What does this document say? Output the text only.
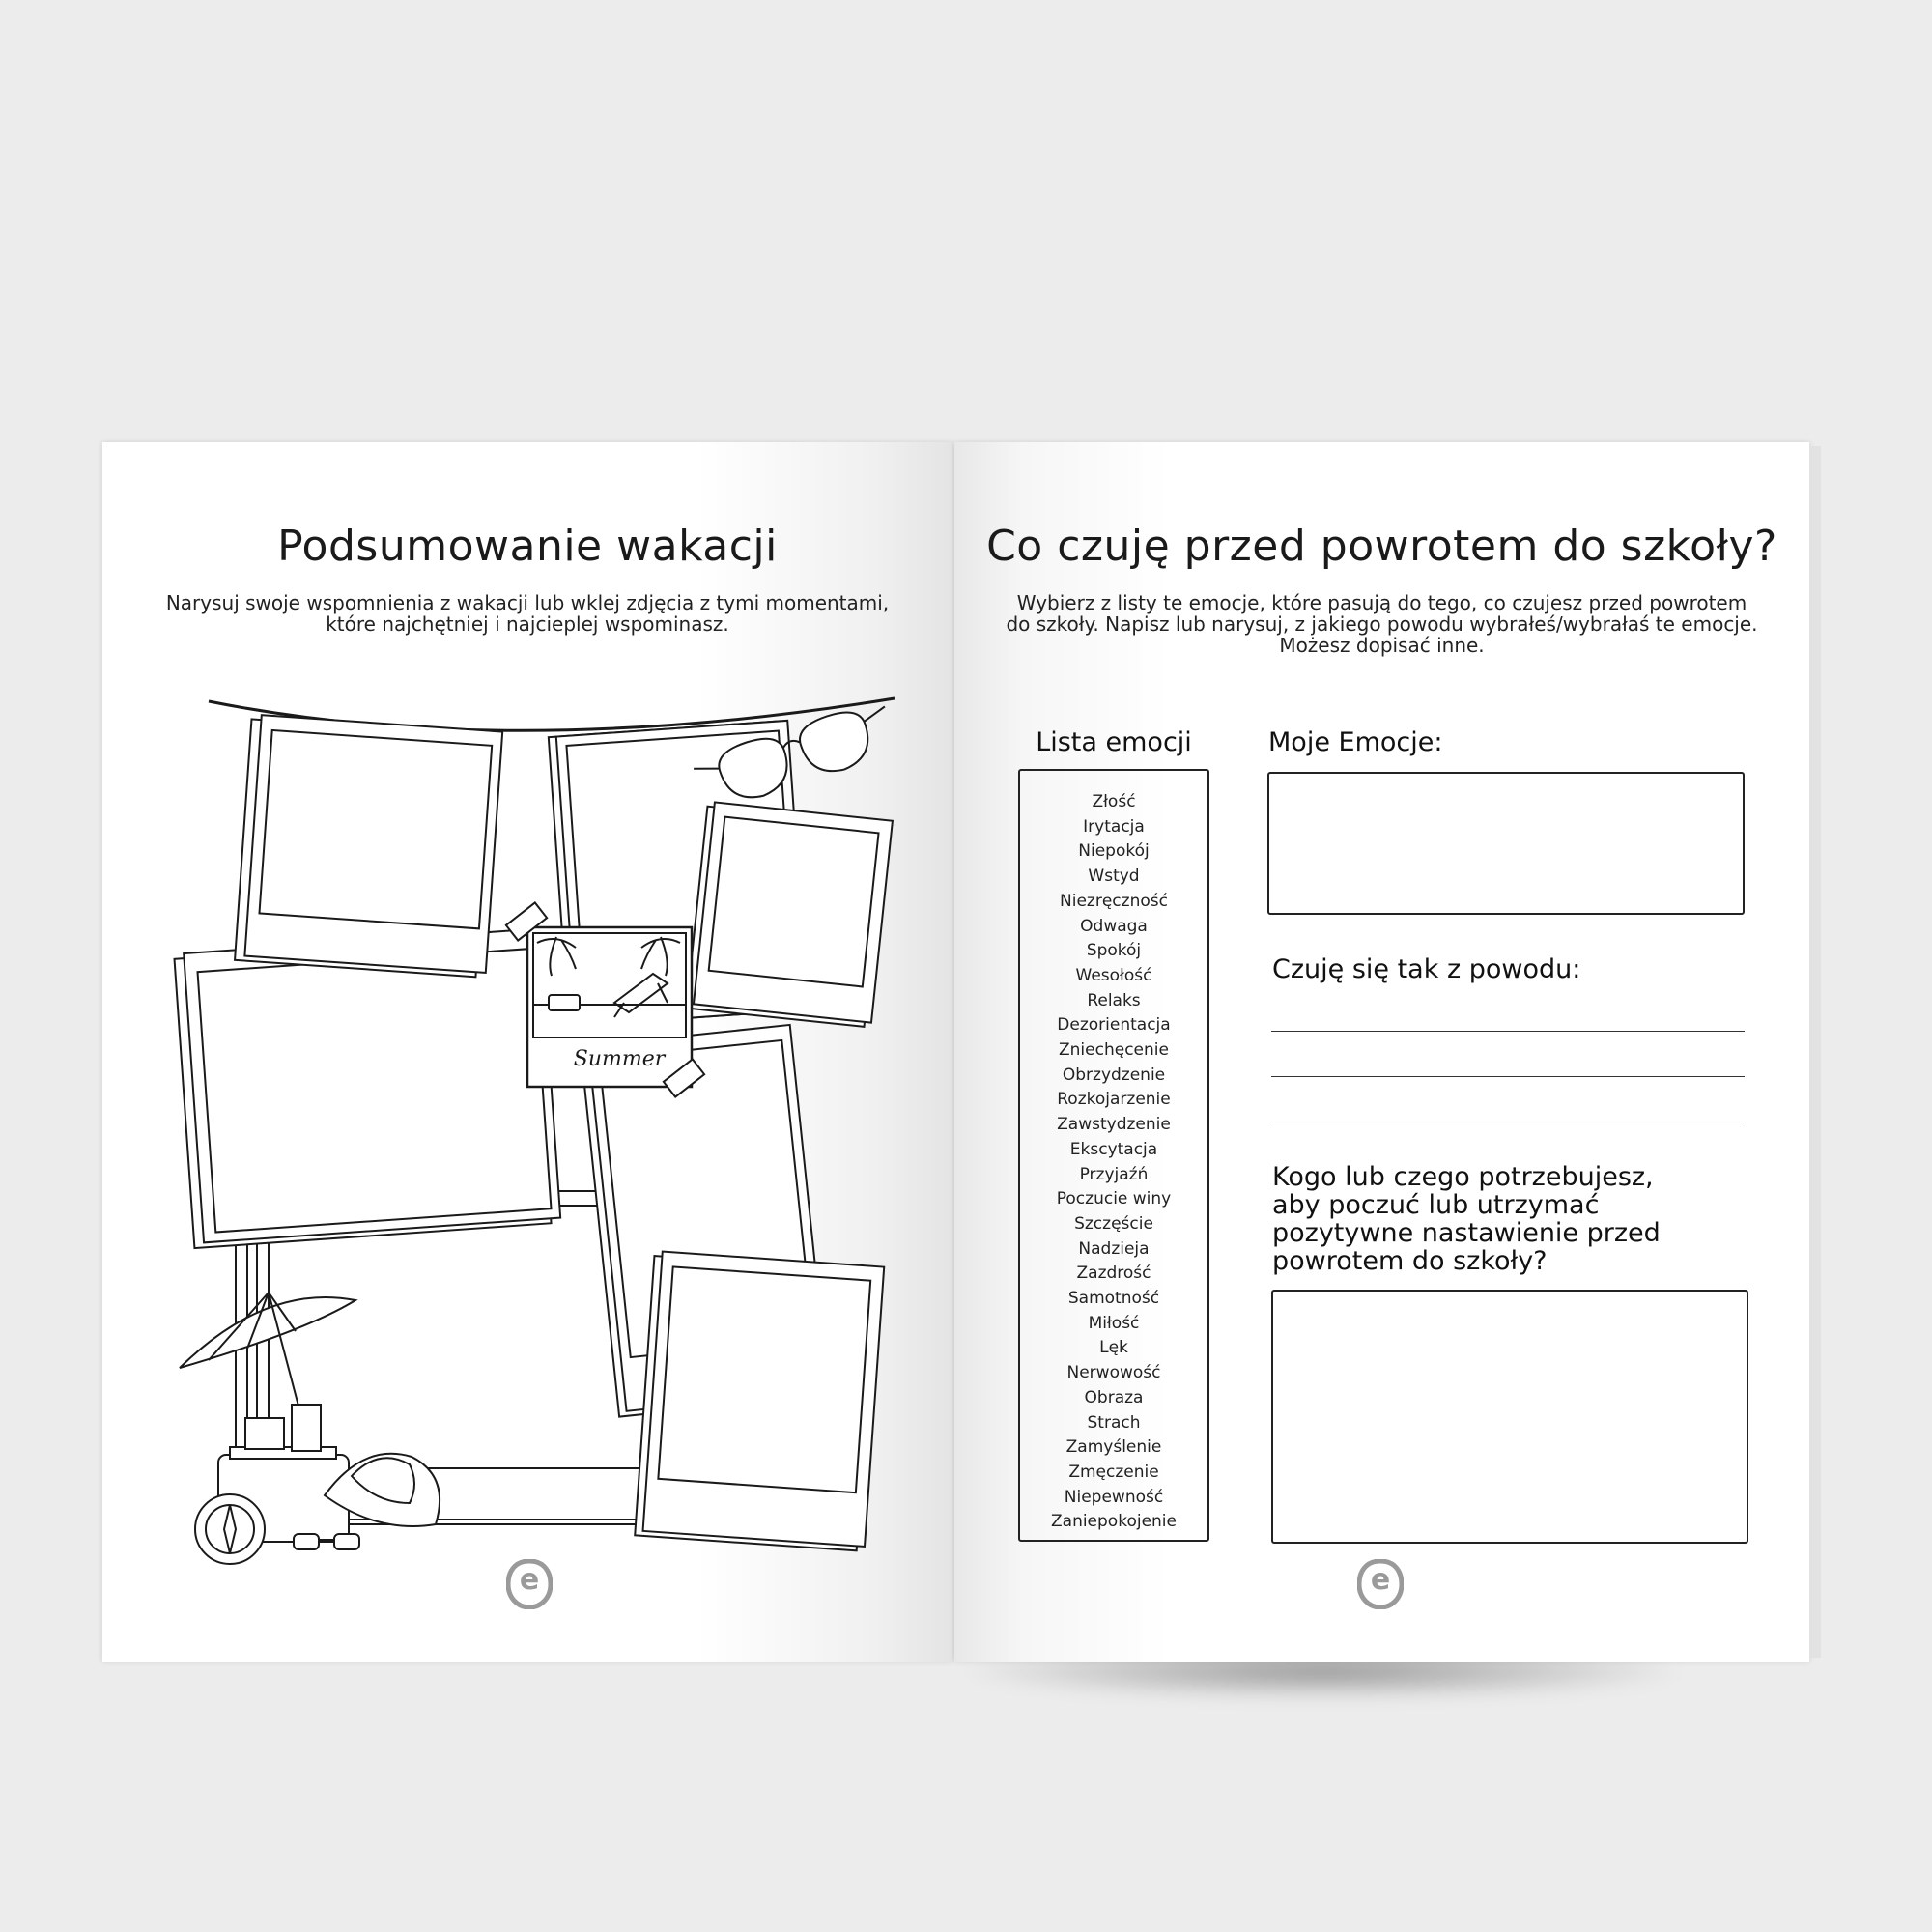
Podsumowanie wakacji
Narysuj swoje wspomnienia z wakacji lub wklej zdjęcia z tymi momentami,
które najchętniej i najcieplej wspominasz.
Summer
e
Co czuję przed powrotem do szkoły?
Wybierz z listy te emocje, które pasują do tego, co czujesz przed powrotem
do szkoły. Napisz lub narysuj, z jakiego powodu wybrałeś/wybrałaś te emocje.
Możesz dopisać inne.
Lista emocji
Złość
Irytacja
Niepokój
Wstyd
Niezręczność
Odwaga
Spokój
Wesołość
Relaks
Dezorientacja
Zniechęcenie
Obrzydzenie
Rozkojarzenie
Zawstydzenie
Ekscytacja
Przyjaźń
Poczucie winy
Szczęście
Nadzieja
Zazdrość
Samotność
Miłość
Lęk
Nerwowość
Obraza
Strach
Zamyślenie
Zmęczenie
Niepewność
Zaniepokojenie
Moje Emocje:
Czuję się tak z powodu:
Kogo lub czego potrzebujesz,
aby poczuć lub utrzymać
pozytywne nastawienie przed
powrotem do szkoły?
e
